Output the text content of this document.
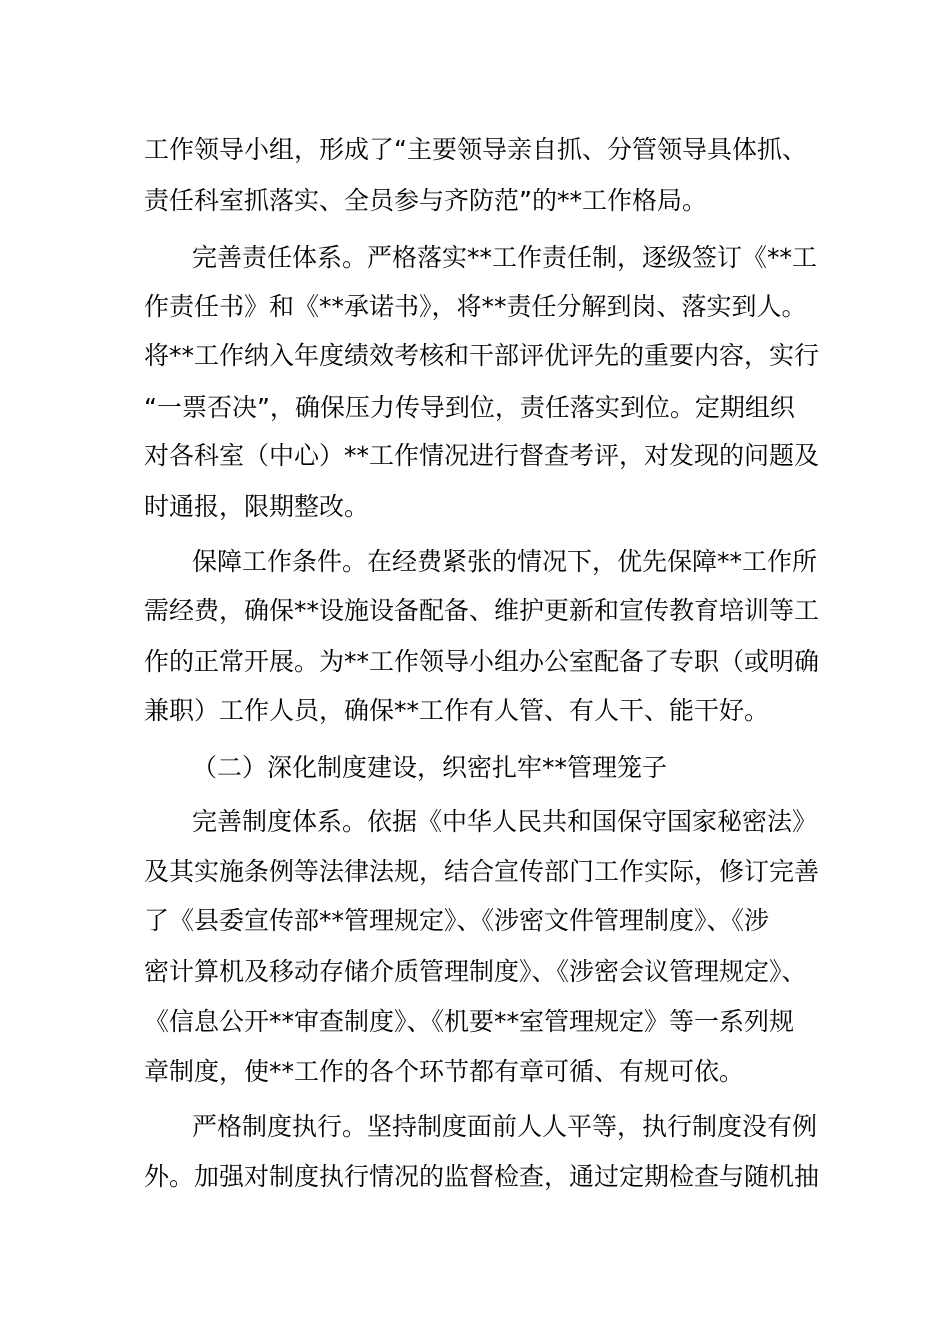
工作领导小组，形成了“主要领导亲自抓、分管领导具体抓、
责任科室抓落实、全员参与齐防范”的**工作格局。
完善责任体系。严格落实**工作责任制，逐级签订《**工
作责任书》和《**承诺书》，将**责任分解到岗、落实到人。
将**工作纳入年度绩效考核和干部评优评先的重要内容，实行
“一票否决”，确保压力传导到位，责任落实到位。定期组织
对各科室（中心）**工作情况进行督查考评，对发现的问题及
时通报，限期整改。
保障工作条件。在经费紧张的情况下，优先保障**工作所
需经费，确保**设施设备配备、维护更新和宣传教育培训等工
作的正常开展。为**工作领导小组办公室配备了专职（或明确
兼职）工作人员，确保**工作有人管、有人干、能干好。
（二）深化制度建设，织密扎牢**管理笼子
完善制度体系。依据《中华人民共和国保守国家秘密法》
及其实施条例等法律法规，结合宣传部门工作实际，修订完善
了《县委宣传部**管理规定》、《涉密文件管理制度》、《涉
密计算机及移动存储介质管理制度》、《涉密会议管理规定》、
《信息公开**审查制度》、《机要**室管理规定》等一系列规
章制度，使**工作的各个环节都有章可循、有规可依。
严格制度执行。坚持制度面前人人平等，执行制度没有例
外。加强对制度执行情况的监督检查，通过定期检查与随机抽
